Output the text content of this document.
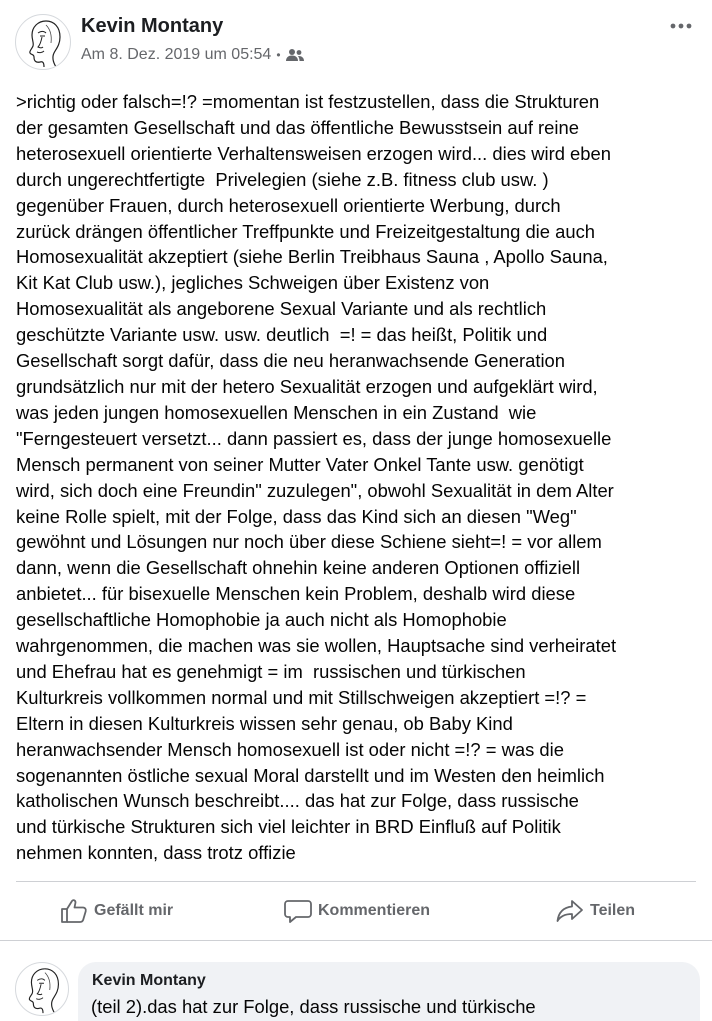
Kevin Montany
Am 8. Dez. 2019 um 05:54 •
>richtig oder falsch=!? =momentan ist festzustellen, dass die Strukturen
der gesamten Gesellschaft und das öffentliche Bewusstsein auf reine
heterosexuell orientierte Verhaltensweisen erzogen wird... dies wird eben
durch ungerechtfertigte  Privelegien (siehe z.B. fitness club usw. )
gegenüber Frauen, durch heterosexuell orientierte Werbung, durch
zurück drängen öffentlicher Treffpunkte und Freizeitgestaltung die auch
Homosexualität akzeptiert (siehe Berlin Treibhaus Sauna , Apollo Sauna,
Kit Kat Club usw.), jegliches Schweigen über Existenz von
Homosexualität als angeborene Sexual Variante und als rechtlich
geschützte Variante usw. usw. deutlich  =! = das heißt, Politik und
Gesellschaft sorgt dafür, dass die neu heranwachsende Generation
grundsätzlich nur mit der hetero Sexualität erzogen und aufgeklärt wird,
was jeden jungen homosexuellen Menschen in ein Zustand  wie
"Ferngesteuert versetzt... dann passiert es, dass der junge homosexuelle
Mensch permanent von seiner Mutter Vater Onkel Tante usw. genötigt
wird, sich doch eine Freundin" zuzulegen", obwohl Sexualität in dem Alter
keine Rolle spielt, mit der Folge, dass das Kind sich an diesen "Weg"
gewöhnt und Lösungen nur noch über diese Schiene sieht=! = vor allem
dann, wenn die Gesellschaft ohnehin keine anderen Optionen offiziell
anbietet... für bisexuelle Menschen kein Problem, deshalb wird diese
gesellschaftliche Homophobie ja auch nicht als Homophobie
wahrgenommen, die machen was sie wollen, Hauptsache sind verheiratet
und Ehefrau hat es genehmigt = im  russischen und türkischen
Kulturkreis vollkommen normal und mit Stillschweigen akzeptiert =!? =
Eltern in diesen Kulturkreis wissen sehr genau, ob Baby Kind
heranwachsender Mensch homosexuell ist oder nicht =!? = was die
sogenannten östliche sexual Moral darstellt und im Westen den heimlich
katholischen Wunsch beschreibt.... das hat zur Folge, dass russische
und türkische Strukturen sich viel leichter in BRD Einfluß auf Politik
nehmen konnten, dass trotz offizie
Gefällt mir	Kommentieren	Teilen
Kevin Montany
(teil 2).das hat zur Folge, dass russische und türkische
